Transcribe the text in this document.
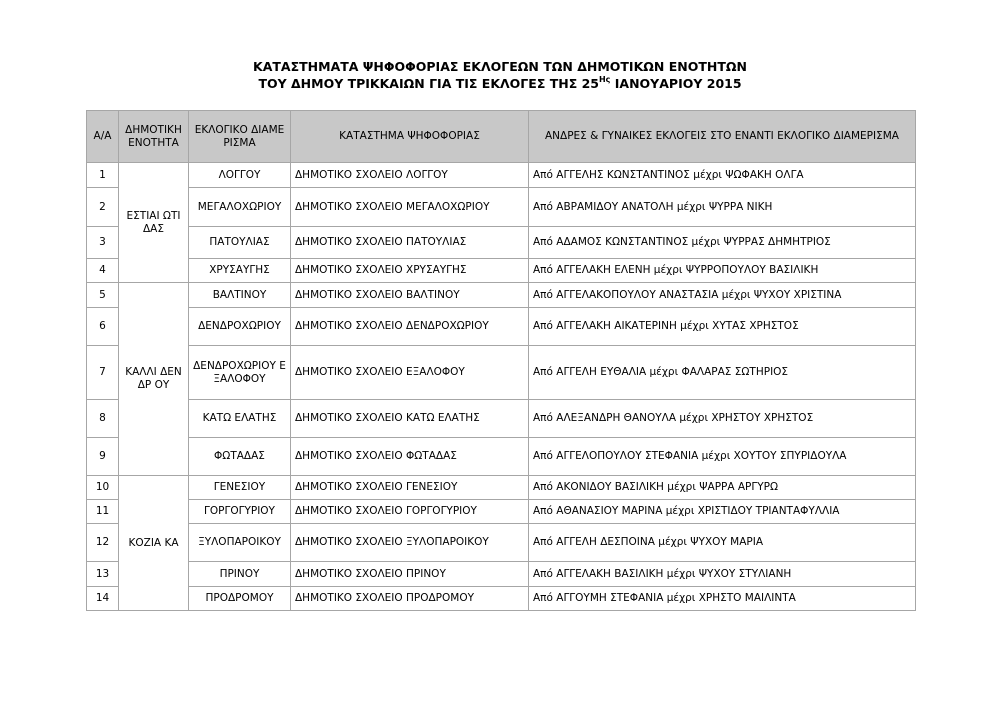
ΚΑΤΑΣΤΗΜΑΤΑ ΨΗΦΟΦΟΡΙΑΣ ΕΚΛΟΓΕΩΝ ΤΩΝ ΔΗΜΟΤΙΚΩΝ ΕΝΟΤΗΤΩΝ
ΤΟΥ ΔΗΜΟΥ ΤΡΙΚΚΑΙΩΝ ΓΙΑ ΤΙΣ ΕΚΛΟΓΕΣ ΤΗΣ $25^{H\varsigma}$ ΙΑΝΟΥΑΡΙΟΥ 2015
Α/Α	ΔΗΜΟΤΙΚΗ ΕΝΟΤΗΤΑ	ΕΚΛΟΓΙΚΟ ΔΙΑΜΕΡΙΣΜΑ	ΚΑΤΑΣΤΗΜΑ ΨΗΦΟΦΟΡΙΑΣ	ΑΝΔΡΕΣ & ΓΥΝΑΙΚΕΣ ΕΚΛΟΓΕΙΣ ΣΤΟ ΕΝΑΝΤΙ ΕΚΛΟΓΙΚΟ ΔΙΑΜΕΡΙΣΜΑ
1	ΕΣΤΙΑΙ ΩΤΙΔΑΣ	ΛΟΓΓΟΥ	ΔΗΜΟΤΙΚΟ ΣΧΟΛΕΙΟ ΛΟΓΓΟΥ	Από ΑΓΓΕΛΗΣ ΚΩΝΣΤΑΝΤΙΝΟΣ μέχρι ΨΩΦΑΚΗ ΟΛΓΑ
2		ΜΕΓΑΛΟΧΩΡΙΟΥ	ΔΗΜΟΤΙΚΟ ΣΧΟΛΕΙΟ ΜΕΓΑΛΟΧΩΡΙΟΥ	Από ΑΒΡΑΜΙΔΟΥ ΑΝΑΤΟΛΗ μέχρι ΨΥΡΡΑ ΝΙΚΗ
3		ΠΑΤΟΥΛΙΑΣ	ΔΗΜΟΤΙΚΟ ΣΧΟΛΕΙΟ ΠΑΤΟΥΛΙΑΣ	Από ΑΔΑΜΟΣ ΚΩΝΣΤΑΝΤΙΝΟΣ μέχρι ΨΥΡΡΑΣ ΔΗΜΗΤΡΙΟΣ
4		ΧΡΥΣΑΥΓΗΣ	ΔΗΜΟΤΙΚΟ ΣΧΟΛΕΙΟ ΧΡΥΣΑΥΓΗΣ	Από ΑΓΓΕΛΑΚΗ ΕΛΕΝΗ μέχρι ΨΥΡΡΟΠΟΥΛΟΥ ΒΑΣΙΛΙΚΗ
5	ΚΑΛΛΙ ΔΕΝΔΡ ΟΥ	ΒΑΛΤΙΝΟΥ	ΔΗΜΟΤΙΚΟ ΣΧΟΛΕΙΟ ΒΑΛΤΙΝΟΥ	Από ΑΓΓΕΛΑΚΟΠΟΥΛΟΥ ΑΝΑΣΤΑΣΙΑ μέχρι ΨΥΧΟΥ ΧΡΙΣΤΙΝΑ
6		ΔΕΝΔΡΟΧΩΡΙΟΥ	ΔΗΜΟΤΙΚΟ ΣΧΟΛΕΙΟ ΔΕΝΔΡΟΧΩΡΙΟΥ	Από ΑΓΓΕΛΑΚΗ ΑΙΚΑΤΕΡΙΝΗ μέχρι ΧΥΤΑΣ ΧΡΗΣΤΟΣ
7		ΔΕΝΔΡΟΧΩΡΙΟΥ ΕΞΑΛΟΦΟΥ	ΔΗΜΟΤΙΚΟ ΣΧΟΛΕΙΟ ΕΞΑΛΟΦΟΥ	Από ΑΓΓΕΛΗ ΕΥΘΑΛΙΑ μέχρι ΦΑΛΑΡΑΣ ΣΩΤΗΡΙΟΣ
8		ΚΑΤΩ ΕΛΑΤΗΣ	ΔΗΜΟΤΙΚΟ ΣΧΟΛΕΙΟ ΚΑΤΩ ΕΛΑΤΗΣ	Από ΑΛΕΞΑΝΔΡΗ ΘΑΝΟΥΛΑ μέχρι ΧΡΗΣΤΟΥ ΧΡΗΣΤΟΣ
9		ΦΩΤΑΔΑΣ	ΔΗΜΟΤΙΚΟ ΣΧΟΛΕΙΟ ΦΩΤΑΔΑΣ	Από ΑΓΓΕΛΟΠΟΥΛΟΥ ΣΤΕΦΑΝΙΑ μέχρι ΧΟΥΤΟΥ ΣΠΥΡΙΔΟΥΛΑ
10	ΚΟΖΙΑ ΚΑ	ΓΕΝΕΣΙΟΥ	ΔΗΜΟΤΙΚΟ ΣΧΟΛΕΙΟ ΓΕΝΕΣΙΟΥ	Από ΑΚΟΝΙΔΟΥ ΒΑΣΙΛΙΚΗ μέχρι ΨΑΡΡΑ ΑΡΓΥΡΩ
11		ΓΟΡΓΟΓΥΡΙΟΥ	ΔΗΜΟΤΙΚΟ ΣΧΟΛΕΙΟ ΓΟΡΓΟΓΥΡΙΟΥ	Από ΑΘΑΝΑΣΙΟΥ ΜΑΡΙΝΑ μέχρι ΧΡΙΣΤΙΔΟΥ ΤΡΙΑΝΤΑΦΥΛΛΙΑ
12		ΞΥΛΟΠΑΡΟΙΚΟΥ	ΔΗΜΟΤΙΚΟ ΣΧΟΛΕΙΟ ΞΥΛΟΠΑΡΟΙΚΟΥ	Από ΑΓΓΕΛΗ ΔΕΣΠΟΙΝΑ μέχρι ΨΥΧΟΥ ΜΑΡΙΑ
13		ΠΡΙΝΟΥ	ΔΗΜΟΤΙΚΟ ΣΧΟΛΕΙΟ ΠΡΙΝΟΥ	Από ΑΓΓΕΛΑΚΗ ΒΑΣΙΛΙΚΗ μέχρι ΨΥΧΟΥ ΣΤΥΛΙΑΝΗ
14		ΠΡΟΔΡΟΜΟΥ	ΔΗΜΟΤΙΚΟ ΣΧΟΛΕΙΟ ΠΡΟΔΡΟΜΟΥ	Από ΑΓΓΟΥΜΗ ΣΤΕΦΑΝΙΑ μέχρι ΧΡΗΣΤΟ ΜΑΙΛΙΝΤΑ
